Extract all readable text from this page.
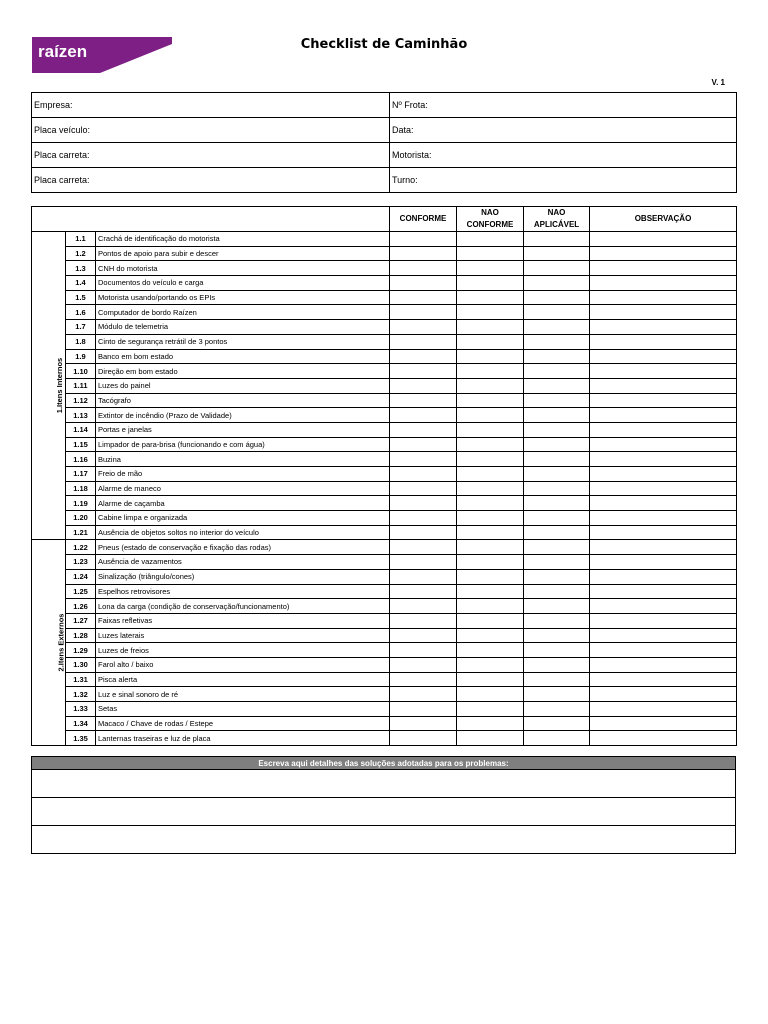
raízen	Checklist de Caminhão
V. 1
Empresa:	Nº Frota:
Placa veículo:	Data:
Placa carreta:	Motorista:
Placa carreta:	Turno:
			CONFORME	NAO CONFORME	NAO APLICÁVEL	OBSERVAÇÃO
1.Itens Internos	1.1	Crachá de identificação do motorista				
	1.2	Pontos de apoio para subir e descer				
	1.3	CNH do motorista				
	1.4	Documentos do veículo e carga				
	1.5	Motorista usando/portando os EPIs				
	1.6	Computador de bordo Raízen				
	1.7	Módulo de telemetria				
	1.8	Cinto de segurança retrátil de 3 pontos				
	1.9	Banco em bom estado				
	1.10	Direção em bom estado				
	1.11	Luzes do painel				
	1.12	Tacógrafo				
	1.13	Extintor de incêndio (Prazo de Validade)				
	1.14	Portas e janelas				
	1.15	Limpador de para-brisa (funcionando e com água)				
	1.16	Buzina				
	1.17	Freio de mão				
	1.18	Alarme de maneco				
	1.19	Alarme de caçamba				
	1.20	Cabine limpa e organizada				
	1.21	Ausência de objetos soltos no interior do veículo				
2.Itens Externos	1.22	Pneus (estado de conservação e fixação das rodas)				
	1.23	Ausência de vazamentos				
	1.24	Sinalização (triângulo/cones)				
	1.25	Espelhos retrovisores				
	1.26	Lona da carga (condição de conservação/funcionamento)				
	1.27	Faixas refletivas				
	1.28	Luzes laterais				
	1.29	Luzes de freios				
	1.30	Farol alto / baixo				
	1.31	Pisca alerta				
	1.32	Luz e sinal sonoro de ré				
	1.33	Setas				
	1.34	Macaco / Chave de rodas / Estepe				
	1.35	Lanternas traseiras e luz de placa				
Escreva aqui detalhes das soluções adotadas para os problemas:
